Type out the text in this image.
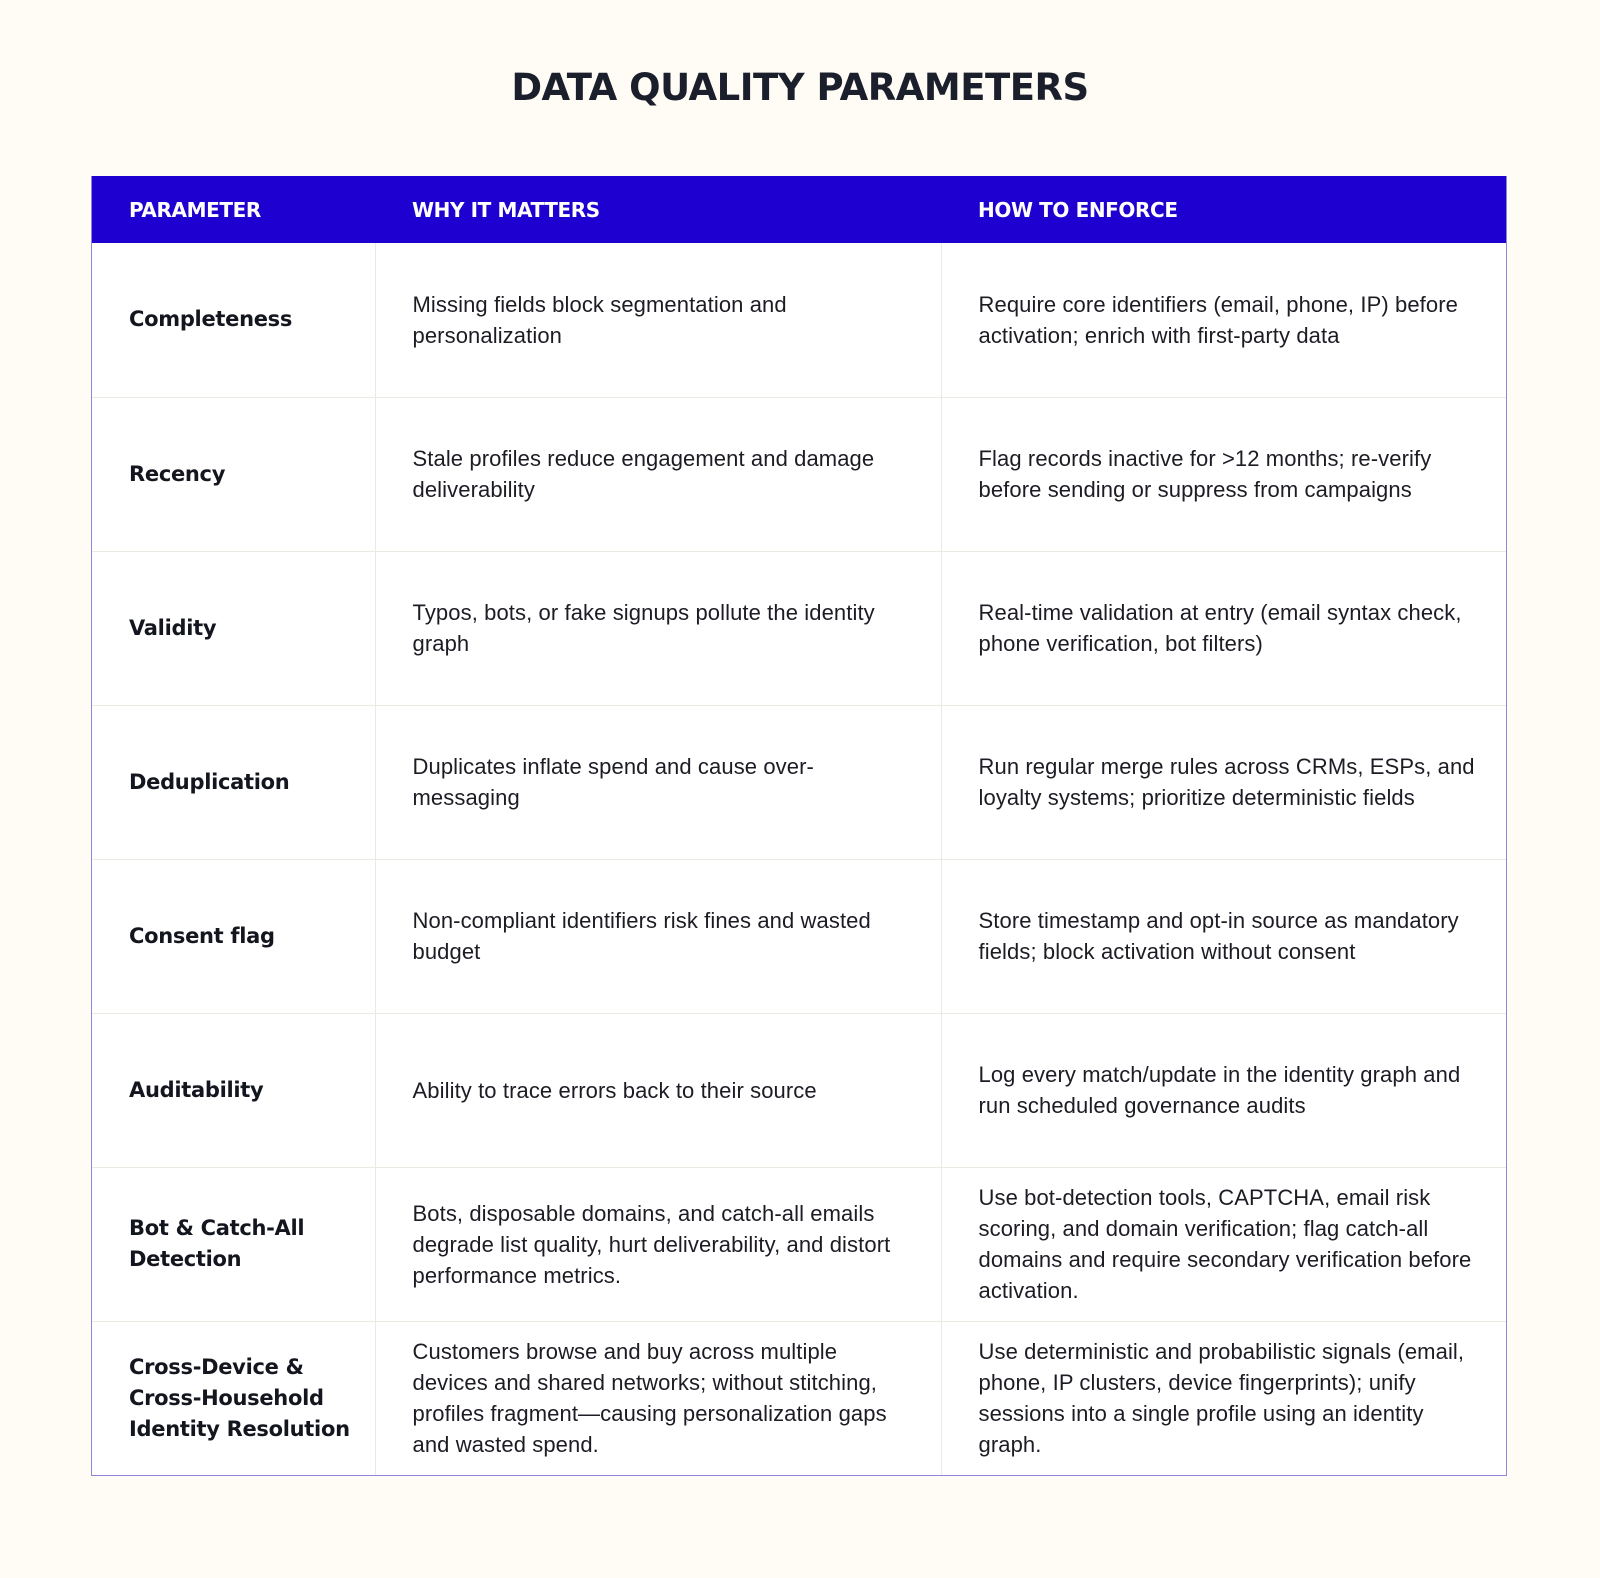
DATA QUALITY PARAMETERS
PARAMETER	WHY IT MATTERS	HOW TO ENFORCE
Completeness	Missing fields block segmentation and personalization	Require core identifiers (email, phone, IP) before activation; enrich with first-party data
Recency	Stale profiles reduce engagement and damage deliverability	Flag records inactive for >12 months; re-verify before sending or suppress from campaigns
Validity	Typos, bots, or fake signups pollute the identity graph	Real-time validation at entry (email syntax check, phone verification, bot filters)
Deduplication	Duplicates inflate spend and cause over-messaging	Run regular merge rules across CRMs, ESPs, and loyalty systems; prioritize deterministic fields
Consent flag	Non-compliant identifiers risk fines and wasted budget	Store timestamp and opt-in source as mandatory fields; block activation without consent
Auditability	Ability to trace errors back to their source	Log every match/update in the identity graph and run scheduled governance audits
Bot & Catch-All Detection	Bots, disposable domains, and catch-all emails degrade list quality, hurt deliverability, and distort performance metrics.	Use bot-detection tools, CAPTCHA, email risk scoring, and domain verification; flag catch-all domains and require secondary verification before activation.
Cross-Device & Cross-Household Identity Resolution	Customers browse and buy across multiple devices and shared networks; without stitching, profiles fragment—causing personalization gaps and wasted spend.	Use deterministic and probabilistic signals (email, phone, IP clusters, device fingerprints); unify sessions into a single profile using an identity graph.
